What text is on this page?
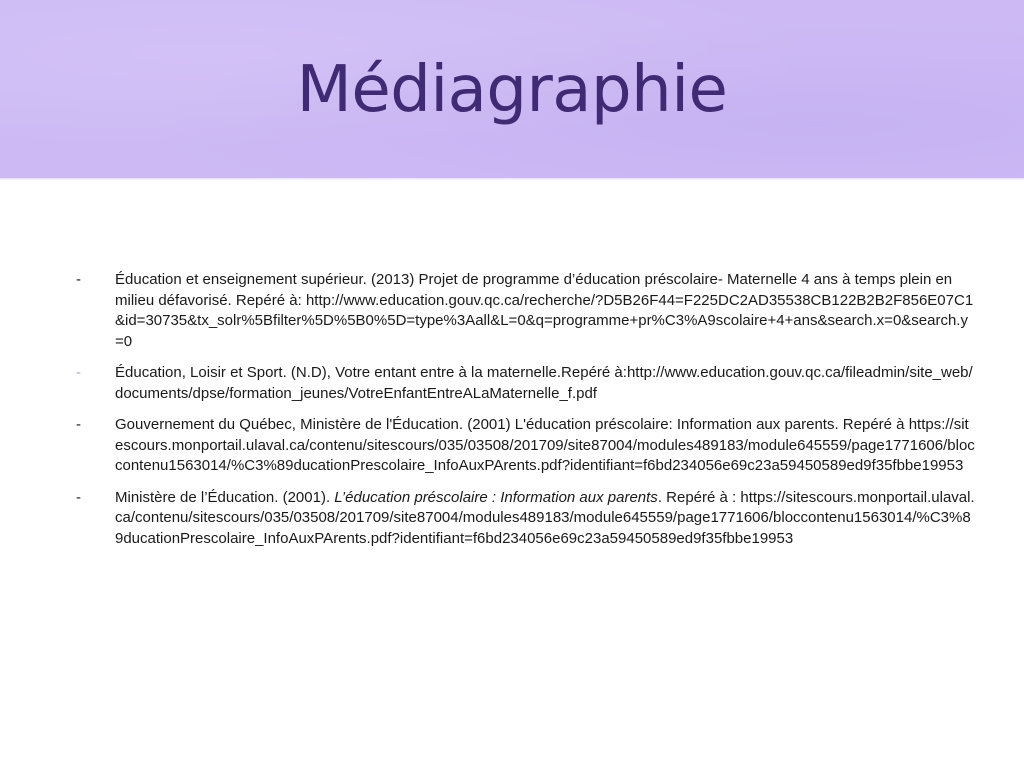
Médiagraphie
- Éducation et enseignement supérieur. (2013) Projet de programme d’éducation préscolaire- Maternelle 4 ans à temps plein en milieu défavorisé. Repéré à: http://www.education.gouv.qc.ca/recherche/?D5B26F44=F225DC2AD35538CB122B2B2F856E07C1&id=30735&tx_solr%5Bfilter%5D%5B0%5D=type%3Aall&L=0&q=programme+pr%C3%A9scolaire+4+ans&search.x=0&search.y=0
- Éducation, Loisir et Sport. (N.D), Votre entant entre à la maternelle.Repéré à:http://www.education.gouv.qc.ca/fileadmin/site_web/documents/dpse/formation_jeunes/VotreEnfantEntreALaMaternelle_f.pdf
- Gouvernement du Québec, Ministère de l'Éducation. (2001) L'éducation préscolaire: Information aux parents. Repéré à https://sitescours.monportail.ulaval.ca/contenu/sitescours/035/03508/201709/site87004/modules489183/module645559/page1771606/bloccontenu1563014/%C3%89ducationPrescolaire_InfoAuxPArents.pdf?identifiant=f6bd234056e69c23a59450589ed9f35fbbe19953
- Ministère de l’Éducation. (2001). L’éducation préscolaire : Information aux parents. Repéré à : https://sitescours.monportail.ulaval.ca/contenu/sitescours/035/03508/201709/site87004/modules489183/module645559/page1771606/bloccontenu1563014/%C3%89ducationPrescolaire_InfoAuxPArents.pdf?identifiant=f6bd234056e69c23a59450589ed9f35fbbe19953
